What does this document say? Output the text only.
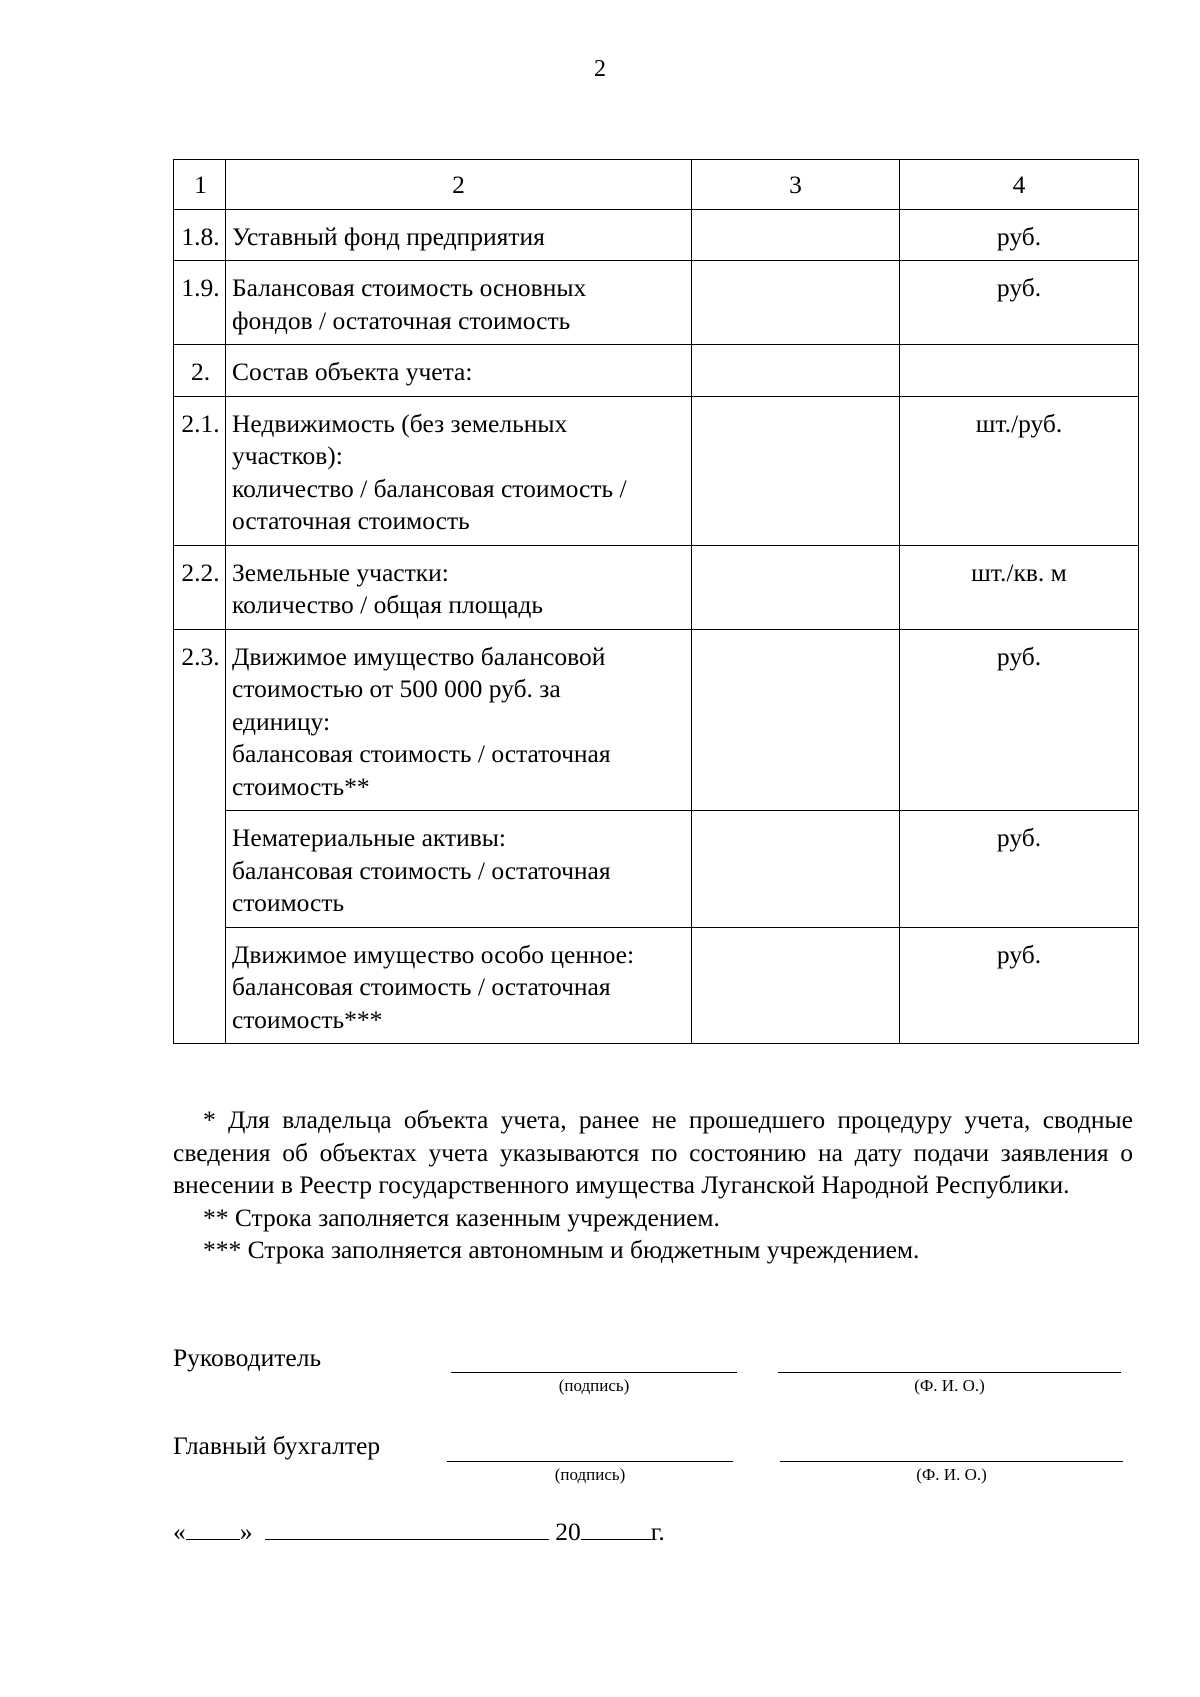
2
1	2	3	4
1.8.	Уставный фонд предприятия		руб.
1.9.	Балансовая стоимость основных
фондов / остаточная стоимость		руб.
2.	Состав объекта учета:		
2.1.	Недвижимость (без земельных
участков):
количество / балансовая стоимость /
остаточная стоимость		шт./руб.
2.2.	Земельные участки:
количество / общая площадь		шт./кв. м
2.3.	Движимое имущество балансовой
стоимостью от 500 000 руб. за
единицу:
балансовая стоимость / остаточная
стоимость**		руб.
	Нематериальные активы:
балансовая стоимость / остаточная
стоимость		руб.
	Движимое имущество особо ценное:
балансовая стоимость / остаточная
стоимость***		руб.

* Для владельца объекта учета, ранее не прошедшего процедуру учета, сводные сведения об объектах учета указываются по состоянию на дату подачи заявления о внесении в Реестр государственного имущества Луганской Народной Республики.

** Строка заполняется казенным учреждением.

*** Строка заполняется автономным и бюджетным учреждением.

Руководитель
(подпись)	(Ф. И. О.)
Главный бухгалтер
(подпись)	(Ф. И. О.)
« »	20	г.
